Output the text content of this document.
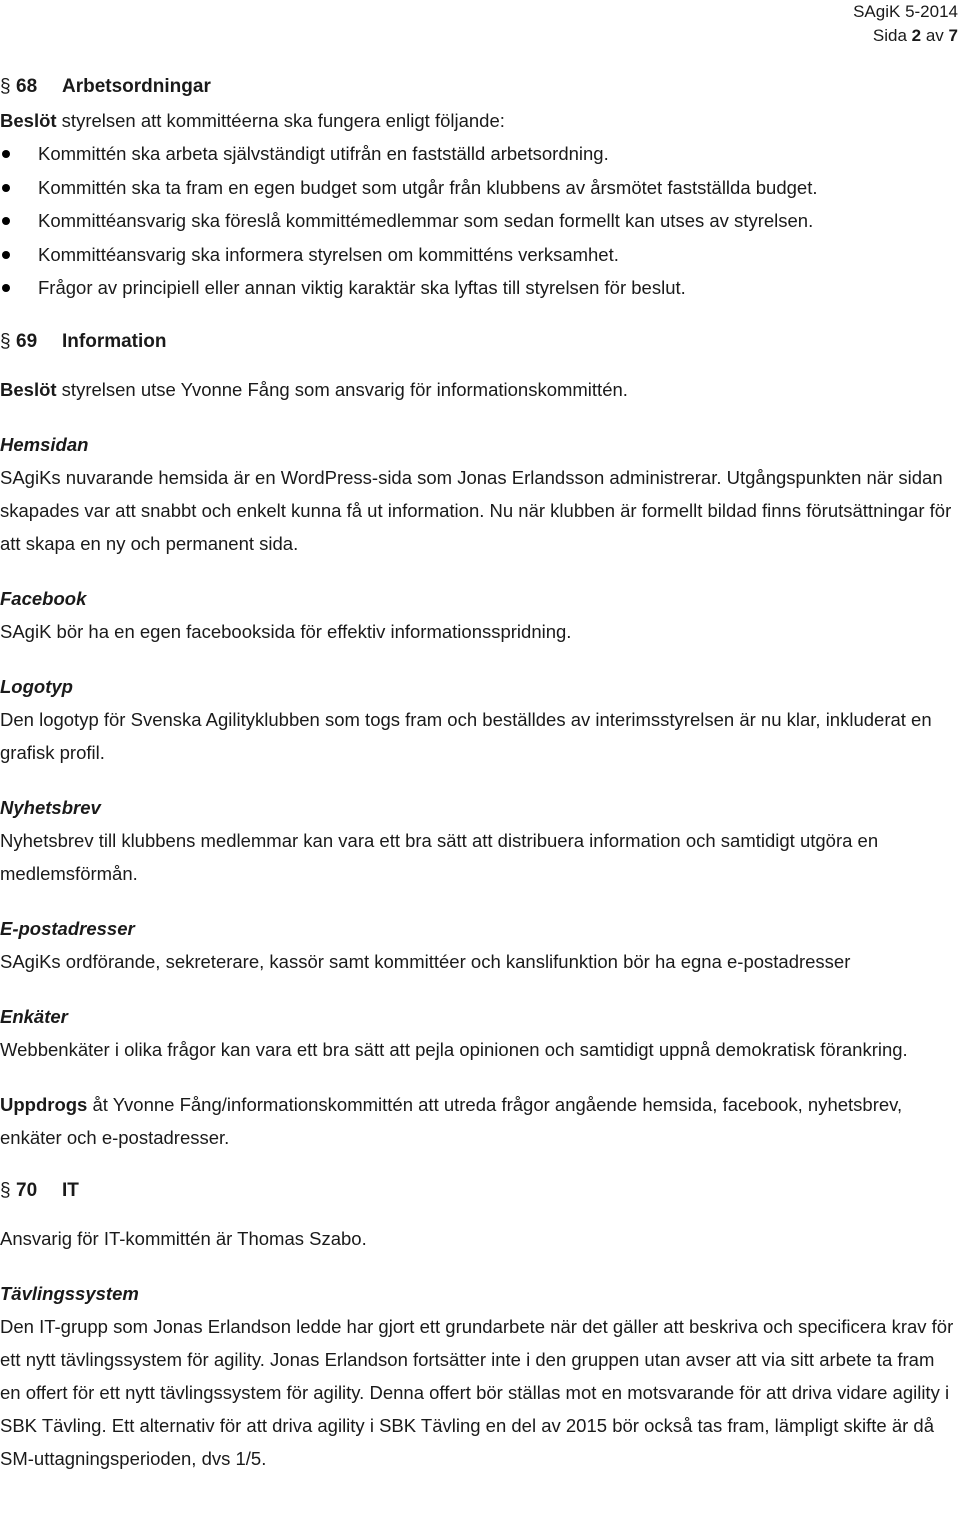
SAgiK 5-2014
Sida 2 av 7
§ 68 Arbetsordningar

Beslöt styrelsen att kommittéerna ska fungera enligt följande:

Kommittén ska arbeta självständigt utifrån en fastställd arbetsordning.
Kommittén ska ta fram en egen budget som utgår från klubbens av årsmötet fastställda budget.
Kommittéansvarig ska föreslå kommittémedlemmar som sedan formellt kan utses av styrelsen.
Kommittéansvarig ska informera styrelsen om kommitténs verksamhet.
Frågor av principiell eller annan viktig karaktär ska lyftas till styrelsen för beslut.
§ 69 Information

Beslöt styrelsen utse Yvonne Fång som ansvarig för informationskommittén.

Hemsidan

SAgiKs nuvarande hemsida är en WordPress-sida som Jonas Erlandsson administrerar. Utgångspunkten när sidan skapades var att snabbt och enkelt kunna få ut information. Nu när klubben är formellt bildad finns förutsättningar för att skapa en ny och permanent sida.

Facebook

SAgiK bör ha en egen facebooksida för effektiv informationsspridning.

Logotyp

Den logotyp för Svenska Agilityklubben som togs fram och beställdes av interimsstyrelsen är nu klar, inkluderat en grafisk profil.

Nyhetsbrev

Nyhetsbrev till klubbens medlemmar kan vara ett bra sätt att distribuera information och samtidigt utgöra en medlemsförmån.

E-postadresser

SAgiKs ordförande, sekreterare, kassör samt kommittéer och kanslifunktion bör ha egna e-postadresser

Enkäter

Webbenkäter i olika frågor kan vara ett bra sätt att pejla opinionen och samtidigt uppnå demokratisk förankring.

Uppdrogs åt Yvonne Fång/informationskommittén att utreda frågor angående hemsida, facebook, nyhetsbrev, enkäter och e-postadresser.

§ 70 IT

Ansvarig för IT-kommittén är Thomas Szabo.

Tävlingssystem

Den IT-grupp som Jonas Erlandson ledde har gjort ett grundarbete när det gäller att beskriva och specificera krav för ett nytt tävlingssystem för agility. Jonas Erlandson fortsätter inte i den gruppen utan avser att via sitt arbete ta fram en offert för ett nytt tävlingssystem för agility. Denna offert bör ställas mot en motsvarande för att driva vidare agility i SBK Tävling. Ett alternativ för att driva agility i SBK Tävling en del av 2015 bör också tas fram, lämpligt skifte är då SM-uttagningsperioden, dvs 1/5.
